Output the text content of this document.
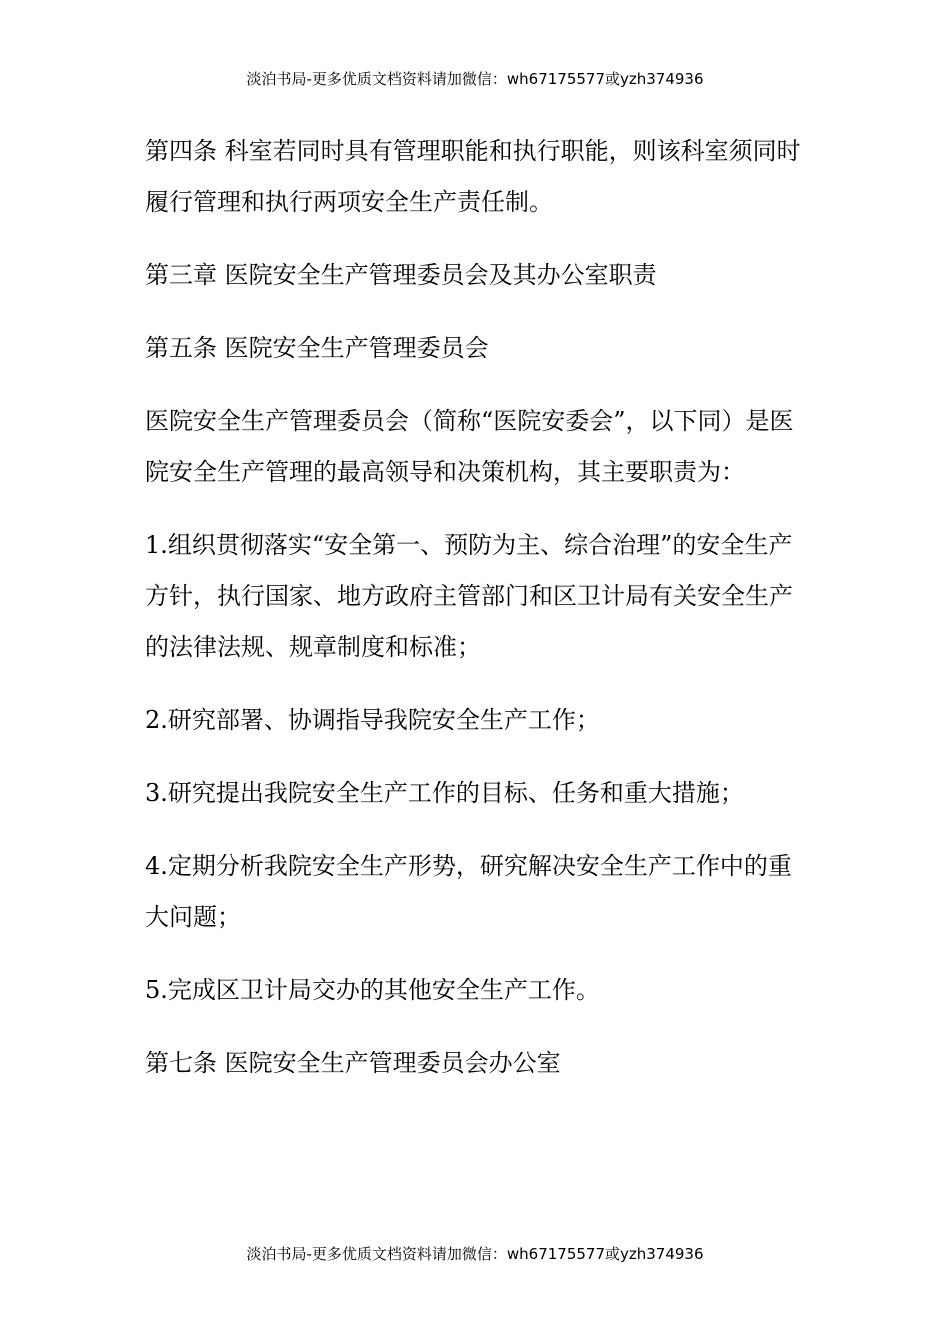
淡泊书局-更多优质文档资料请加微信：wh67175577或yzh374936

第四条 科室若同时具有管理职能和执行职能，则该科室须同时履行管理和执行两项安全生产责任制。

第三章 医院安全生产管理委员会及其办公室职责

第五条 医院安全生产管理委员会

医院安全生产管理委员会（简称“医院安委会”，以下同）是医院安全生产管理的最高领导和决策机构，其主要职责为：

1.组织贯彻落实“安全第一、预防为主、综合治理”的安全生产方针，执行国家、地方政府主管部门和区卫计局有关安全生产的法律法规、规章制度和标准；

2.研究部署、协调指导我院安全生产工作；

3.研究提出我院安全生产工作的目标、任务和重大措施；

4.定期分析我院安全生产形势，研究解决安全生产工作中的重大问题；

5.完成区卫计局交办的其他安全生产工作。

第七条 医院安全生产管理委员会办公室

淡泊书局-更多优质文档资料请加微信：wh67175577或yzh374936
